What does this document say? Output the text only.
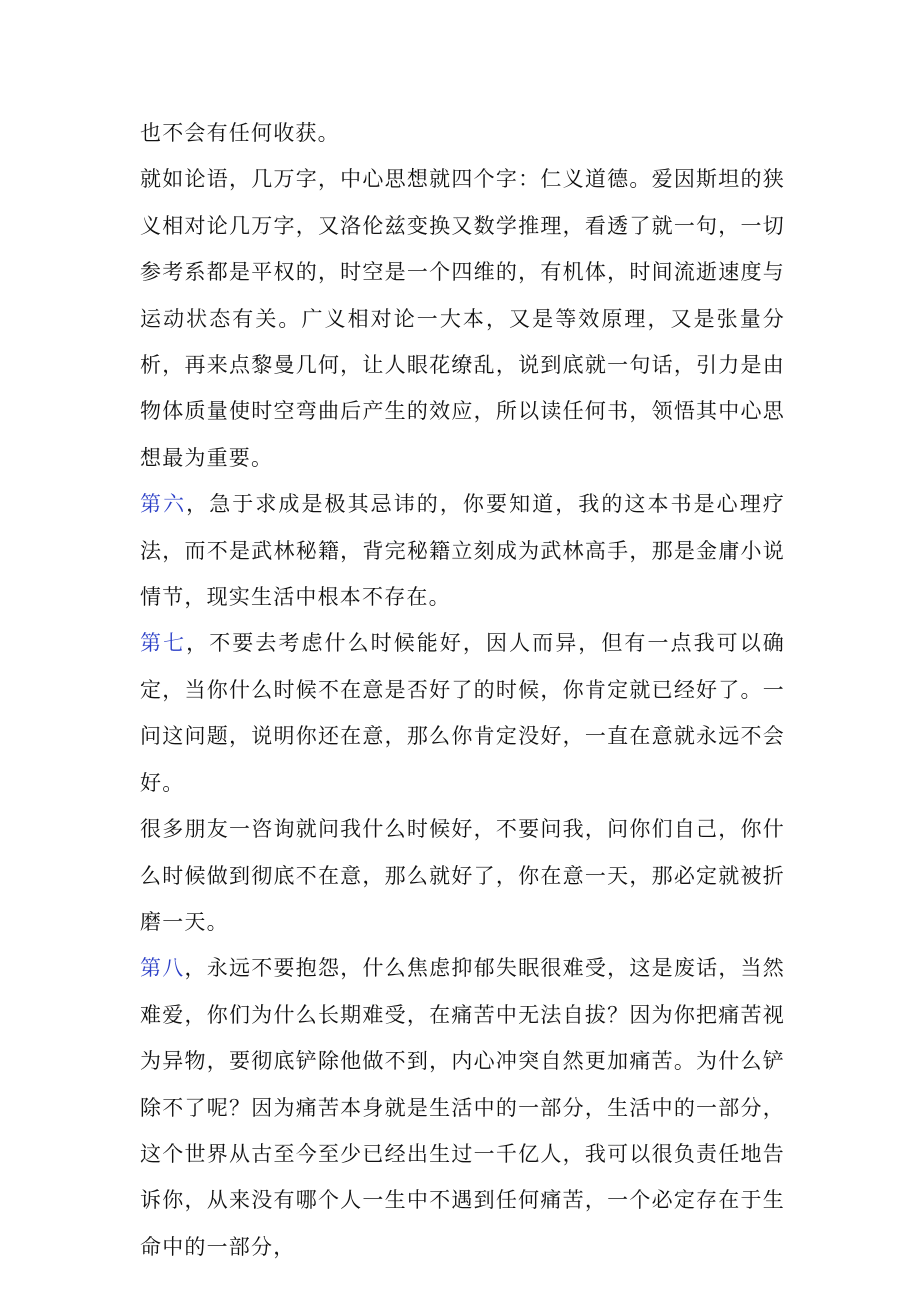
也不会有任何收获。

就如论语，几万字，中心思想就四个字：仁义道德。爱因斯坦的狭义相对论几万字，又洛伦兹变换又数学推理，看透了就一句，一切参考系都是平权的，时空是一个四维的，有机体，时间流逝速度与运动状态有关。广义相对论一大本，又是等效原理，又是张量分析，再来点黎曼几何，让人眼花缭乱，说到底就一句话，引力是由物体质量使时空弯曲后产生的效应，所以读任何书，领悟其中心思想最为重要。

第六，急于求成是极其忌讳的，你要知道，我的这本书是心理疗法，而不是武林秘籍，背完秘籍立刻成为武林高手，那是金庸小说情节，现实生活中根本不存在。

第七，不要去考虑什么时候能好，因人而异，但有一点我可以确定，当你什么时候不在意是否好了的时候，你肯定就已经好了。一问这问题，说明你还在意，那么你肯定没好，一直在意就永远不会好。

很多朋友一咨询就问我什么时候好，不要问我，问你们自己，你什么时候做到彻底不在意，那么就好了，你在意一天，那必定就被折磨一天。

第八，永远不要抱怨，什么焦虑抑郁失眠很难受，这是废话，当然难爱，你们为什么长期难受，在痛苦中无法自拔？因为你把痛苦视为异物，要彻底铲除他做不到，内心冲突自然更加痛苦。为什么铲除不了呢？因为痛苦本身就是生活中的一部分，生活中的一部分，这个世界从古至今至少已经出生过一千亿人，我可以很负责任地告诉你，从来没有哪个人一生中不遇到任何痛苦，一个必定存在于生命中的一部分，
